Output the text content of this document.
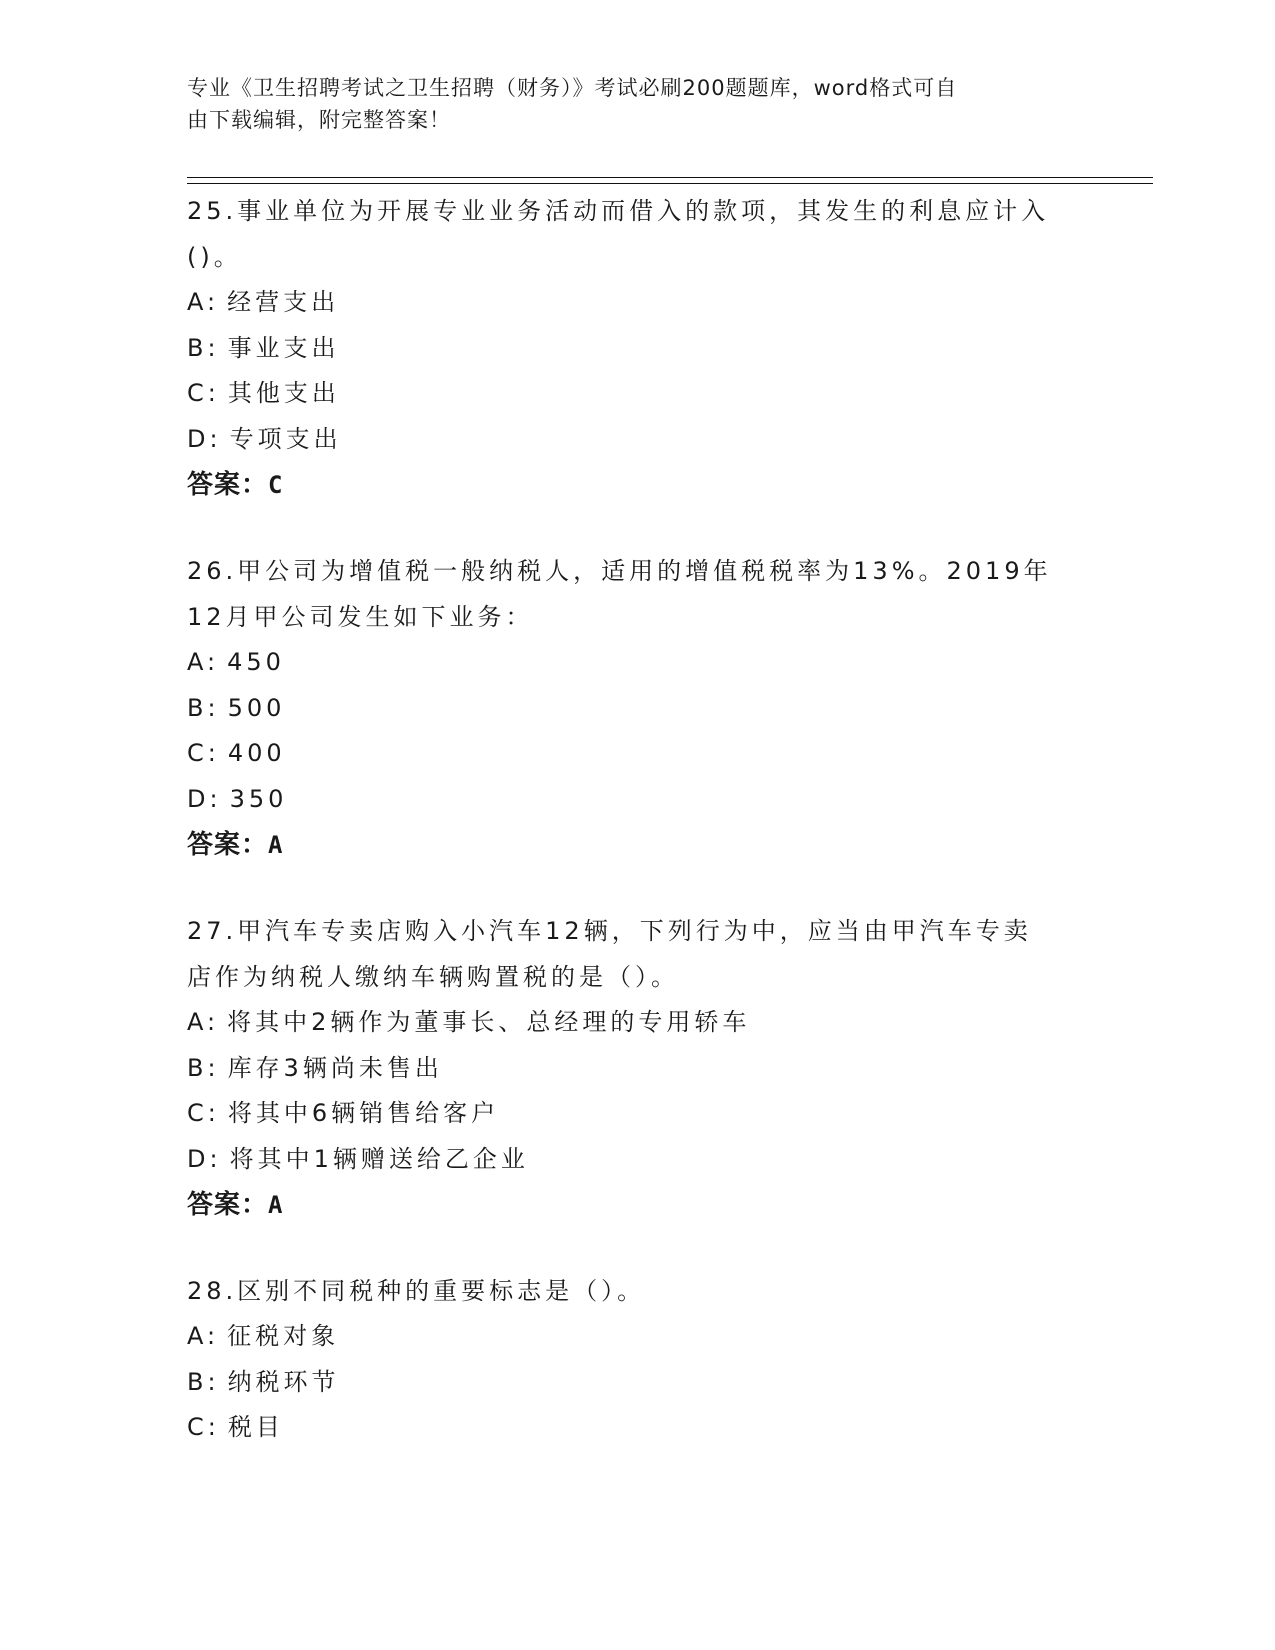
专业《卫生招聘考试之卫生招聘（财务）》考试必刷200题题库，word格式可自
由下载编辑，附完整答案！

25.事业单位为开展专业业务活动而借入的款项，其发生的利息应计入
()。

A: 经营支出
B: 事业支出
C: 其他支出
D: 专项支出

答案：C

26.甲公司为增值税一般纳税人，适用的增值税税率为13%。2019年
12月甲公司发生如下业务：

A: 450
B: 500
C: 400
D: 350

答案：A

27.甲汽车专卖店购入小汽车12辆，下列行为中，应当由甲汽车专卖
店作为纳税人缴纳车辆购置税的是（）。

A: 将其中2辆作为董事长、总经理的专用轿车
B: 库存3辆尚未售出
C: 将其中6辆销售给客户
D: 将其中1辆赠送给乙企业

答案：A

28.区别不同税种的重要标志是（）。

A: 征税对象
B: 纳税环节
C: 税目
